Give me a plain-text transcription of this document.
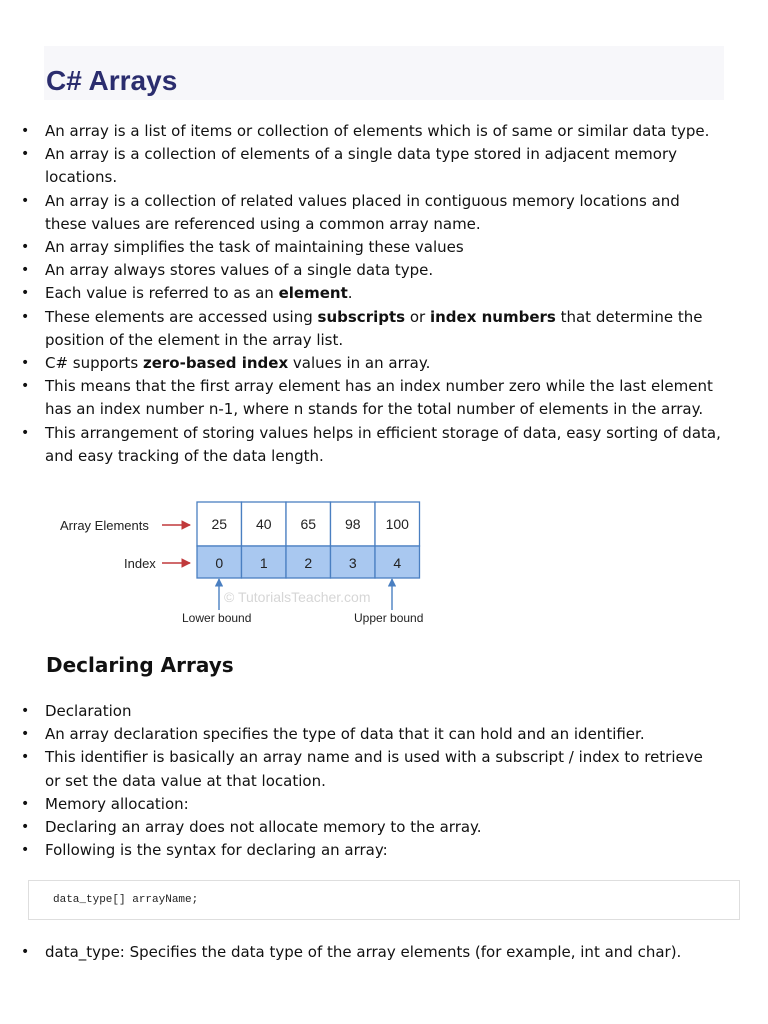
C# Arrays
• An array is a list of items or collection of elements which is of same or similar data type.
• An array is a collection of elements of a single data type stored in adjacent memory locations.
• An array is a collection of related values placed in contiguous memory locations and these values are referenced using a common array name.
• An array simplifies the task of maintaining these values
• An array always stores values of a single data type.
• Each value is referred to as an element.
• These elements are accessed using subscripts or index numbers that determine the position of the element in the array list.
• C# supports zero-based index values in an array.
• This means that the first array element has an index number zero while the last element has an index number n-1, where n stands for the total number of elements in the array.
• This arrangement of storing values helps in efficient storage of data, easy sorting of data, and easy tracking of the data length.
Array Elements
Index
25 40 65 98 100
0	1	2	3	4
© TutorialsTeacher.com
Lower bound	Upper bound
Declaring Arrays
• Declaration
• An array declaration specifies the type of data that it can hold and an identifier.
• This identifier is basically an array name and is used with a subscript / index to retrieve or set the data value at that location.
• Memory allocation:
• Declaring an array does not allocate memory to the array.
• Following is the syntax for declaring an array:
data_type[] arrayName;
• data_type: Specifies the data type of the array elements (for example, int and char).
